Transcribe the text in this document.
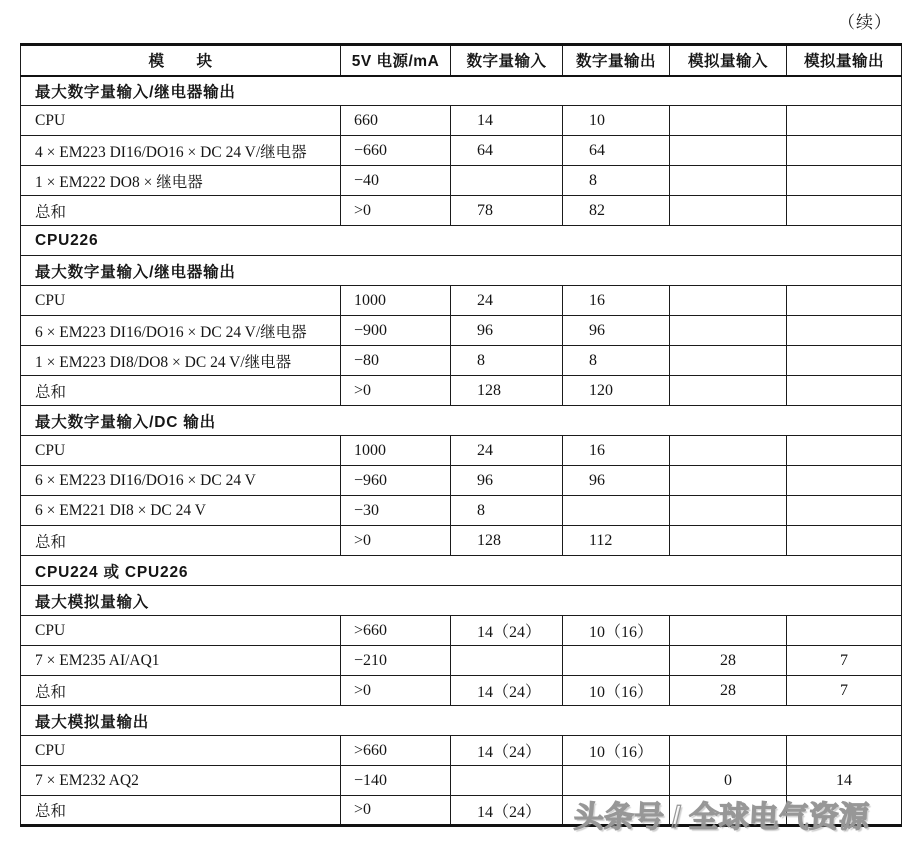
（续）
模　　块	5V 电源/mA	数字量输入	数字量输出	模拟量输入	模拟量输出
最大数字量输入/继电器输出					
CPU	660	14	10		
4 × EM223 DI16/DO16 × DC 24 V/继电器	−660	64	64		
1 × EM222 DO8 × 继电器	−40		8		
总和	>0	78	82		
CPU226					
最大数字量输入/继电器输出					
CPU	1000	24	16		
6 × EM223 DI16/DO16 × DC 24 V/继电器	−900	96	96		
1 × EM223 DI8/DO8 × DC 24 V/继电器	−80	8	8		
总和	>0	128	120		
最大数字量输入/DC 输出					
CPU	1000	24	16		
6 × EM223 DI16/DO16 × DC 24 V	−960	96	96		
6 × EM221 DI8 × DC 24 V	−30	8			
总和	>0	128	112		
CPU224 或 CPU226					
最大模拟量输入					
CPU	>660	14（24）	10（16）		
7 × EM235 AI/AQ1	−210			28	7
总和	>0	14（24）	10（16）	28	7
最大模拟量输出					
CPU	>660	14（24）	10（16）		
7 × EM232 AQ2	−140			0	14
总和	>0	14（24）			头条号 / 全球电气资源
